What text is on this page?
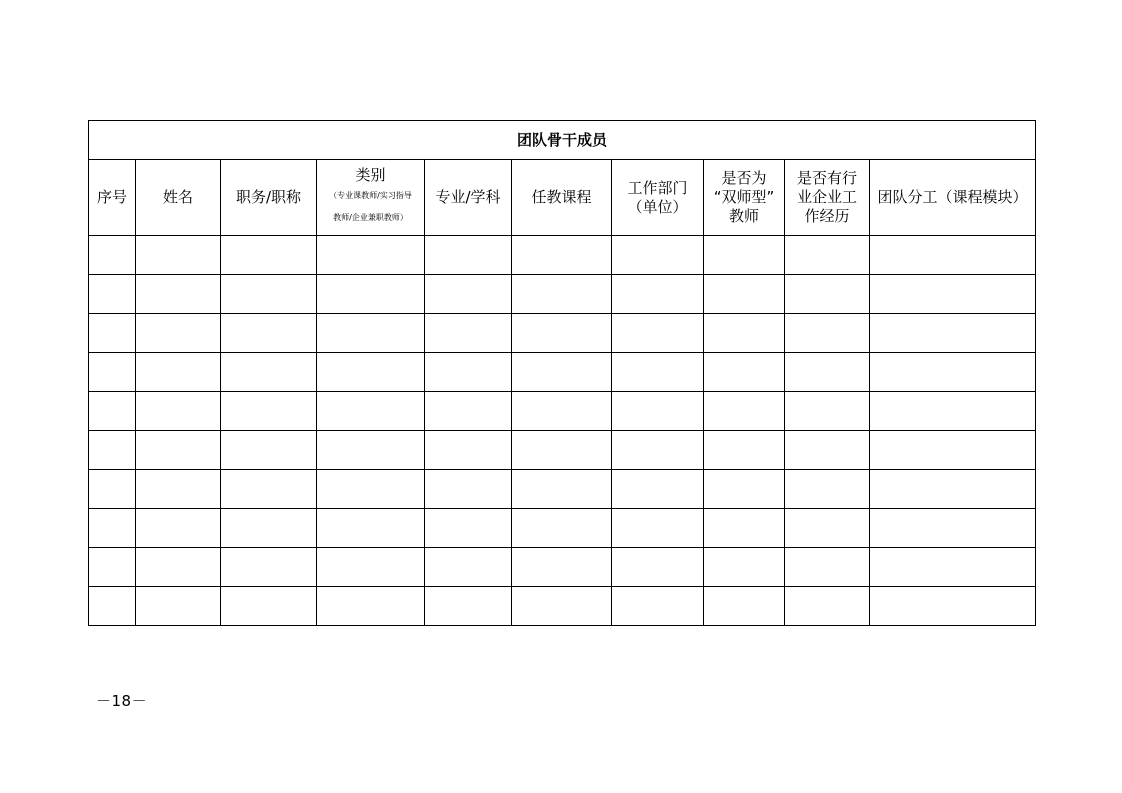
团队骨干成员									
序号	姓名	职务/职称	类别
（专业课教师/实习指导
教师/企业兼职教师）	专业/学科	任教课程	工作部门
（单位）	是否为
“双师型”
教师	是否有行
业企业工
作经历	团队分工（课程模块）

－18－
